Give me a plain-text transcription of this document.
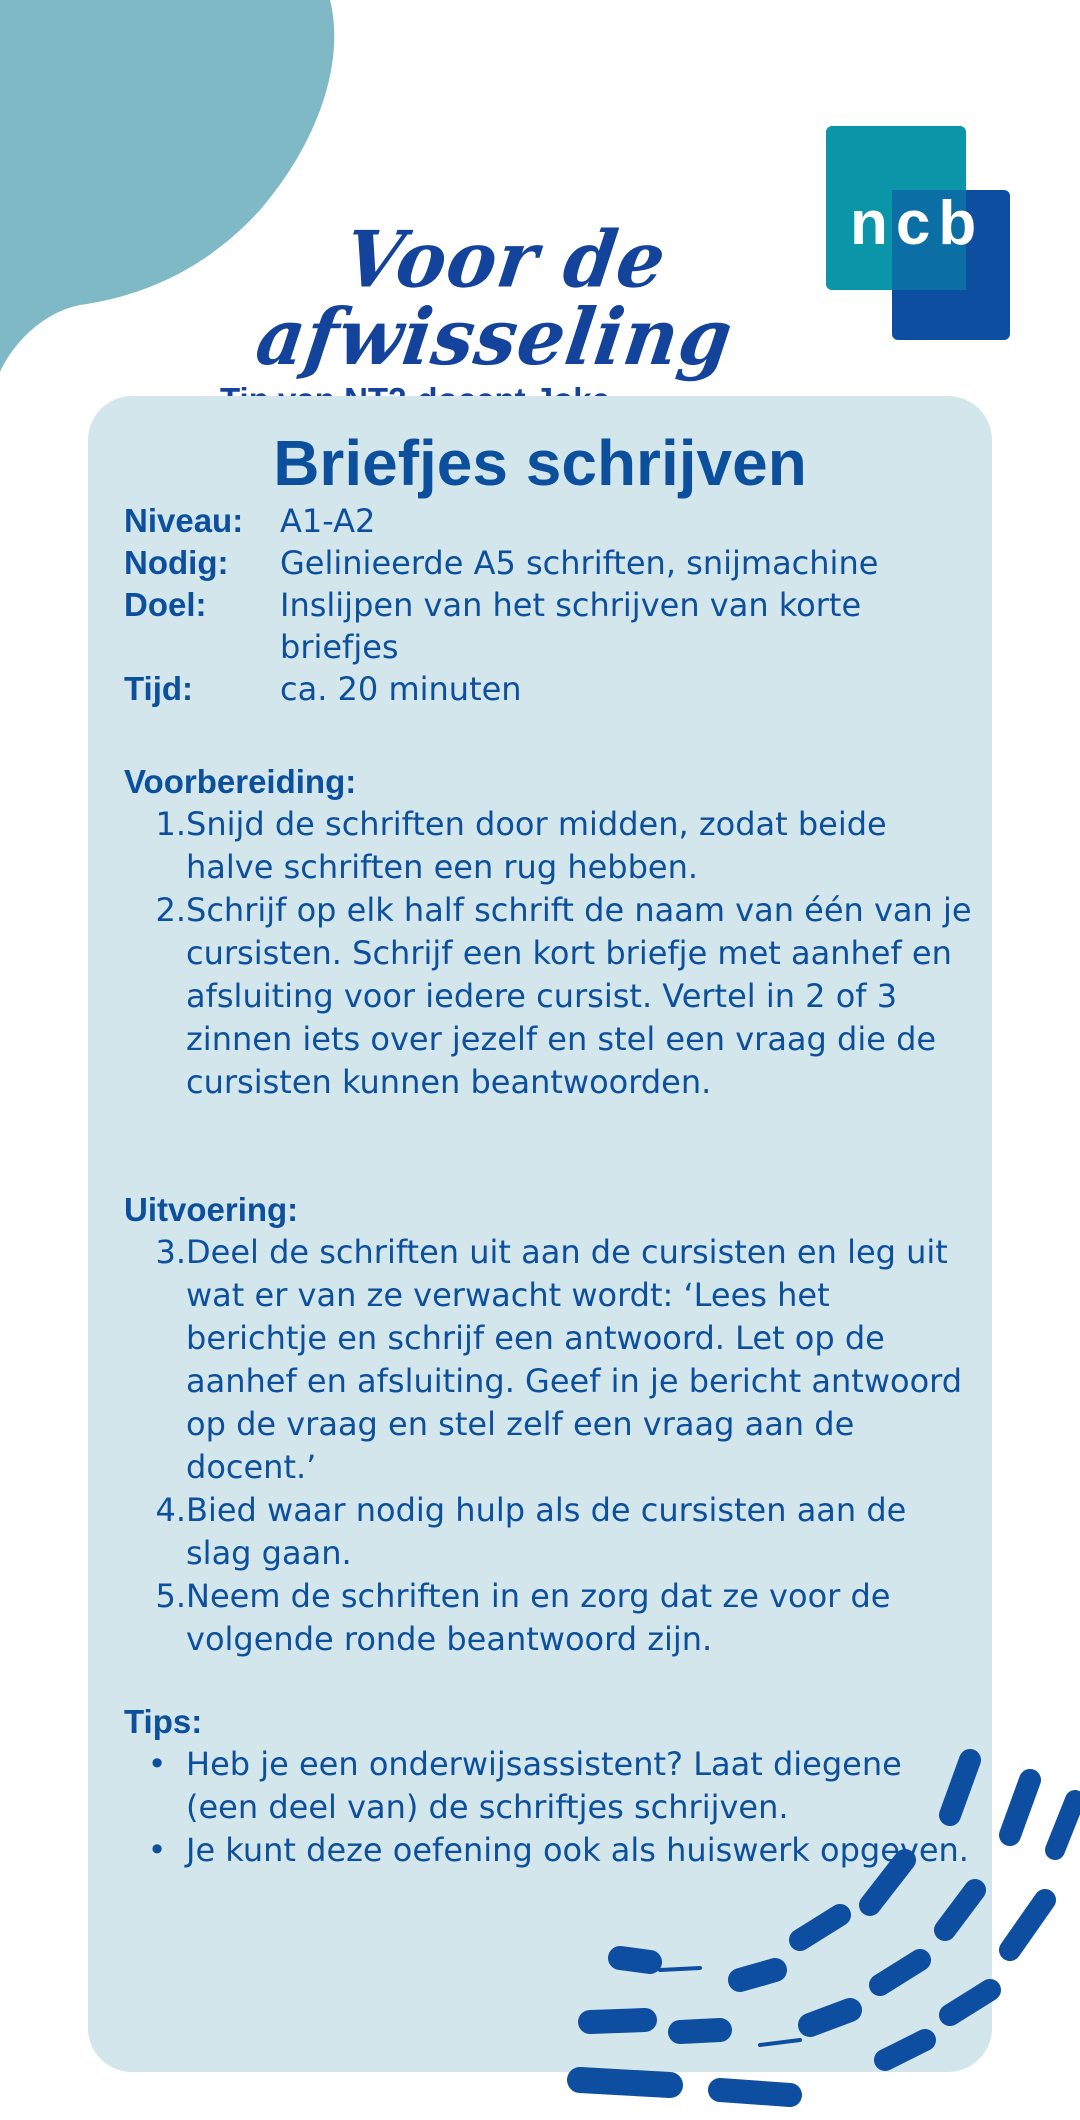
Voor de afwisseling
ncb
Briefjes schrijven
Niveau:	A1-A2
Nodig:	Gelinieerde A5 schriften, snijmachine
Doel:	Inslijpen van het schrijven van korte briefjes
Tijd:	ca. 20 minuten
Voorbereiding:
1. Snijd de schriften door midden, zodat beide halve schriften een rug hebben.
2. Schrijf op elk half schrift de naam van één van je cursisten. Schrijf een kort briefje met aanhef en afsluiting voor iedere cursist. Vertel in 2 of 3 zinnen iets over jezelf en stel een vraag die de cursisten kunnen beantwoorden.
Uitvoering:
3. Deel de schriften uit aan de cursisten en leg uit wat er van ze verwacht wordt: ‘Lees het berichtje en schrijf een antwoord. Let op de aanhef en afsluiting. Geef in je bericht antwoord op de vraag en stel zelf een vraag aan de docent.’
4. Bied waar nodig hulp als de cursisten aan de slag gaan.
5. Neem de schriften in en zorg dat ze voor de volgende ronde beantwoord zijn.
Tips:
• Heb je een onderwijsassistent? Laat diegene (een deel van) de schriftjes schrijven.
• Je kunt deze oefening ook als huiswerk opgeven.
